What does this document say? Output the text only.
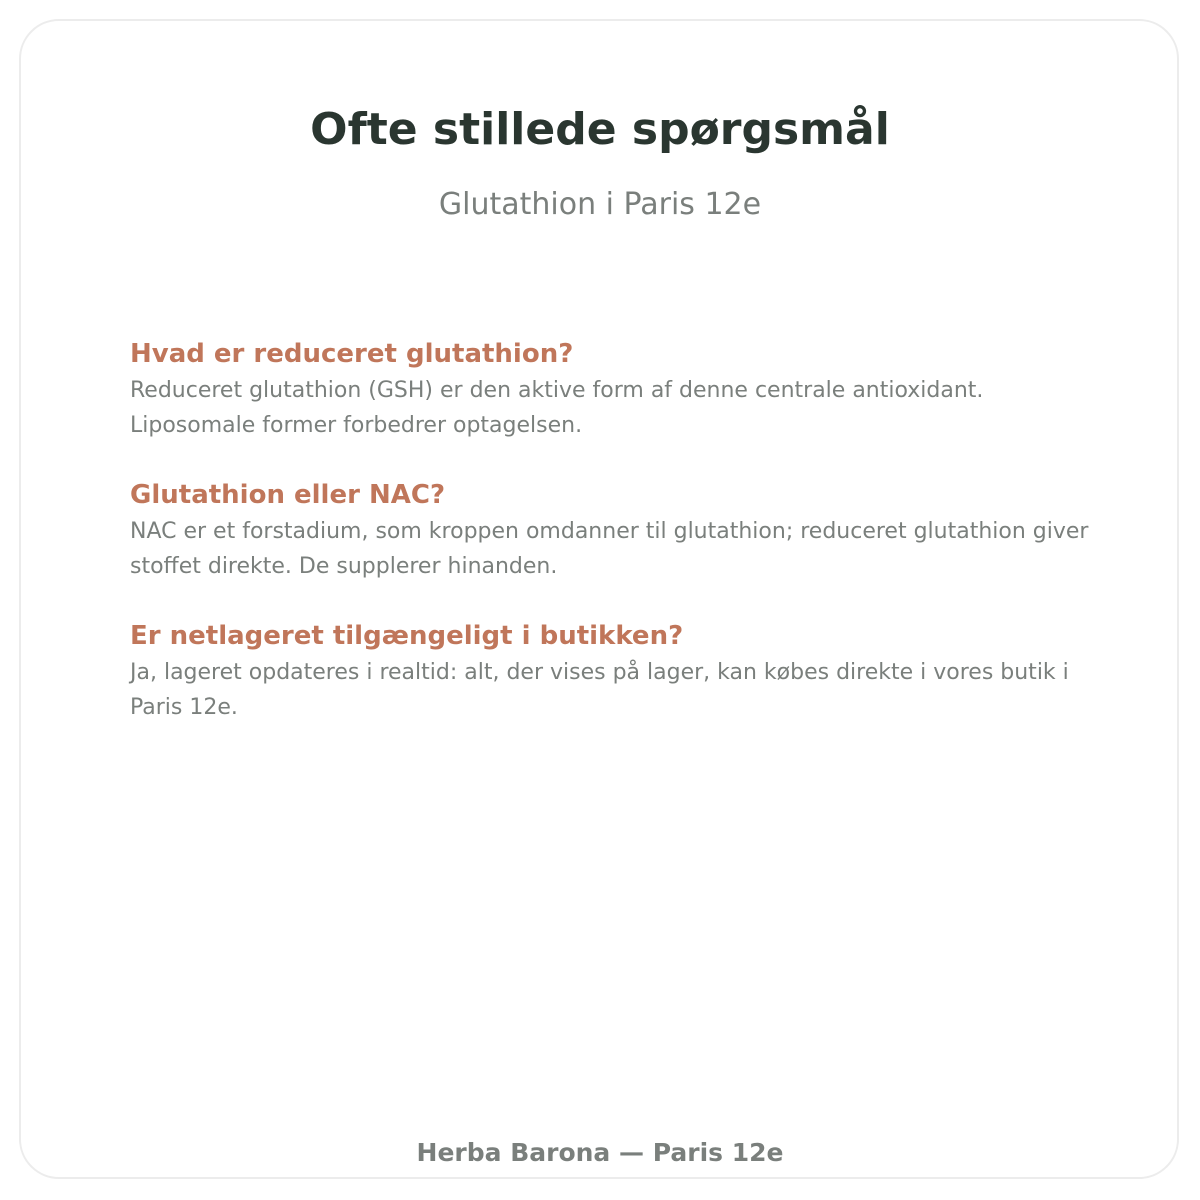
Ofte stillede spørgsmål
Glutathion i Paris 12e
Hvad er reduceret glutathion?

Reduceret glutathion (GSH) er den aktive form af denne centrale antioxidant. Liposomale former forbedrer optagelsen.

Glutathion eller NAC?

NAC er et forstadium, som kroppen omdanner til glutathion; reduceret glutathion giver stoffet direkte. De supplerer hinanden.

Er netlageret tilgængeligt i butikken?

Ja, lageret opdateres i realtid: alt, der vises på lager, kan købes direkte i vores butik i Paris 12e.

Herba Barona — Paris 12e
